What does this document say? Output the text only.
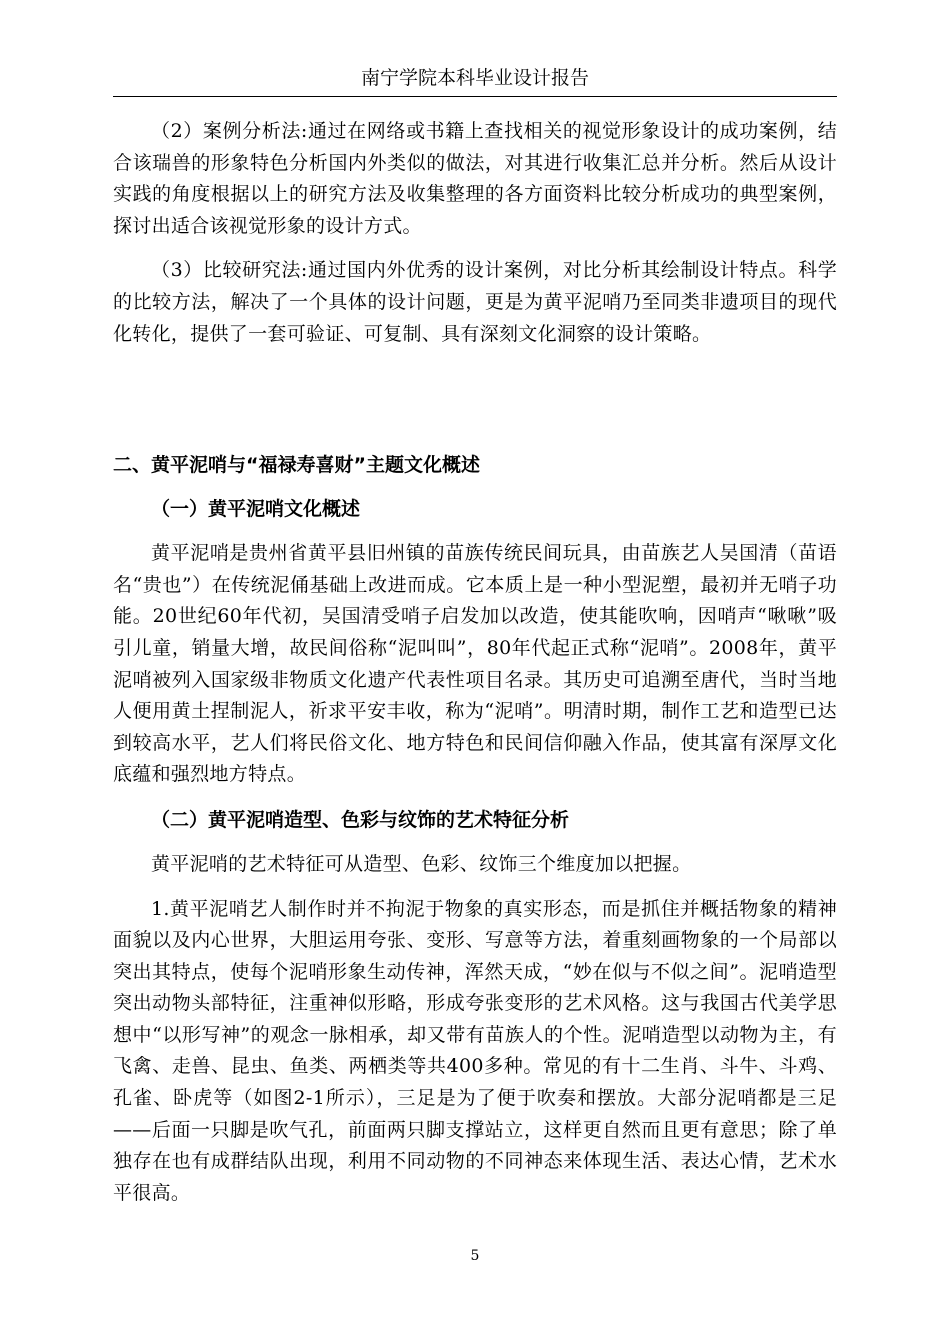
南宁学院本科毕业设计报告

（2）案例分析法:通过在网络或书籍上查找相关的视觉形象设计的成功案例，结合该瑞兽的形象特色分析国内外类似的做法，对其进行收集汇总并分析。然后从设计实践的角度根据以上的研究方法及收集整理的各方面资料比较分析成功的典型案例，探讨出适合该视觉形象的设计方式。

（3）比较研究法:通过国内外优秀的设计案例，对比分析其绘制设计特点。科学的比较方法，解决了一个具体的设计问题，更是为黄平泥哨乃至同类非遗项目的现代化转化，提供了一套可验证、可复制、具有深刻文化洞察的设计策略。

二、黄平泥哨与“福禄寿喜财”主题文化概述

（一）黄平泥哨文化概述

黄平泥哨是贵州省黄平县旧州镇的苗族传统民间玩具，由苗族艺人吴国清（苗语名“贵也”）在传统泥俑基础上改进而成。它本质上是一种小型泥塑，最初并无哨子功能。20世纪60年代初，吴国清受哨子启发加以改造，使其能吹响，因哨声“啾啾”吸引儿童，销量大增，故民间俗称“泥叫叫”，80年代起正式称“泥哨”。2008年，黄平泥哨被列入国家级非物质文化遗产代表性项目名录。其历史可追溯至唐代，当时当地人便用黄土捏制泥人，祈求平安丰收，称为“泥哨”。明清时期，制作工艺和造型已达到较高水平，艺人们将民俗文化、地方特色和民间信仰融入作品，使其富有深厚文化底蕴和强烈地方特点。

（二）黄平泥哨造型、色彩与纹饰的艺术特征分析

黄平泥哨的艺术特征可从造型、色彩、纹饰三个维度加以把握。

1.黄平泥哨艺人制作时并不拘泥于物象的真实形态，而是抓住并概括物象的精神面貌以及内心世界，大胆运用夸张、变形、写意等方法，着重刻画物象的一个局部以突出其特点，使每个泥哨形象生动传神，浑然天成，“妙在似与不似之间”。泥哨造型突出动物头部特征，注重神似形略，形成夸张变形的艺术风格。这与我国古代美学思想中“以形写神”的观念一脉相承，却又带有苗族人的个性。泥哨造型以动物为主，有飞禽、走兽、昆虫、鱼类、两栖类等共400多种。常见的有十二生肖、斗牛、斗鸡、孔雀、卧虎等（如图2-1所示），三足是为了便于吹奏和摆放。大部分泥哨都是三足——后面一只脚是吹气孔，前面两只脚支撑站立，这样更自然而且更有意思；除了单独存在也有成群结队出现，利用不同动物的不同神态来体现生活、表达心情，艺术水平很高。

5
